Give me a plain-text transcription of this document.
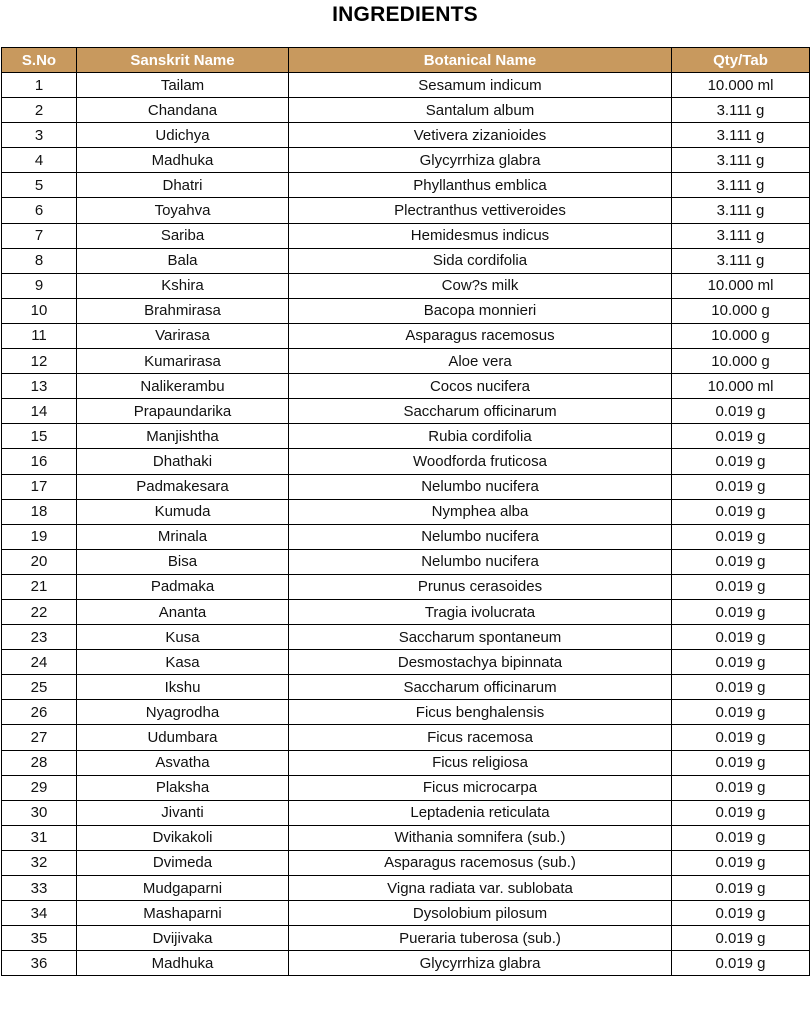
INGREDIENTS
S.No	Sanskrit Name	Botanical Name	Qty/Tab
1	Tailam	Sesamum indicum	10.000 ml
2	Chandana	Santalum album	3.111 g
3	Udichya	Vetivera zizanioides	3.111 g
4	Madhuka	Glycyrrhiza glabra	3.111 g
5	Dhatri	Phyllanthus emblica	3.111 g
6	Toyahva	Plectranthus vettiveroides	3.111 g
7	Sariba	Hemidesmus indicus	3.111 g
8	Bala	Sida cordifolia	3.111 g
9	Kshira	Cow?s milk	10.000 ml
10	Brahmirasa	Bacopa monnieri	10.000 g
11	Varirasa	Asparagus racemosus	10.000 g
12	Kumarirasa	Aloe vera	10.000 g
13	Nalikerambu	Cocos nucifera	10.000 ml
14	Prapaundarika	Saccharum officinarum	0.019 g
15	Manjishtha	Rubia cordifolia	0.019 g
16	Dhathaki	Woodforda fruticosa	0.019 g
17	Padmakesara	Nelumbo nucifera	0.019 g
18	Kumuda	Nymphea alba	0.019 g
19	Mrinala	Nelumbo nucifera	0.019 g
20	Bisa	Nelumbo nucifera	0.019 g
21	Padmaka	Prunus cerasoides	0.019 g
22	Ananta	Tragia ivolucrata	0.019 g
23	Kusa	Saccharum spontaneum	0.019 g
24	Kasa	Desmostachya bipinnata	0.019 g
25	Ikshu	Saccharum officinarum	0.019 g
26	Nyagrodha	Ficus benghalensis	0.019 g
27	Udumbara	Ficus racemosa	0.019 g
28	Asvatha	Ficus religiosa	0.019 g
29	Plaksha	Ficus microcarpa	0.019 g
30	Jivanti	Leptadenia reticulata	0.019 g
31	Dvikakoli	Withania somnifera (sub.)	0.019 g
32	Dvimeda	Asparagus racemosus (sub.)	0.019 g
33	Mudgaparni	Vigna radiata var. sublobata	0.019 g
34	Mashaparni	Dysolobium pilosum	0.019 g
35	Dvijivaka	Pueraria tuberosa (sub.)	0.019 g
36	Madhuka	Glycyrrhiza glabra	0.019 g
